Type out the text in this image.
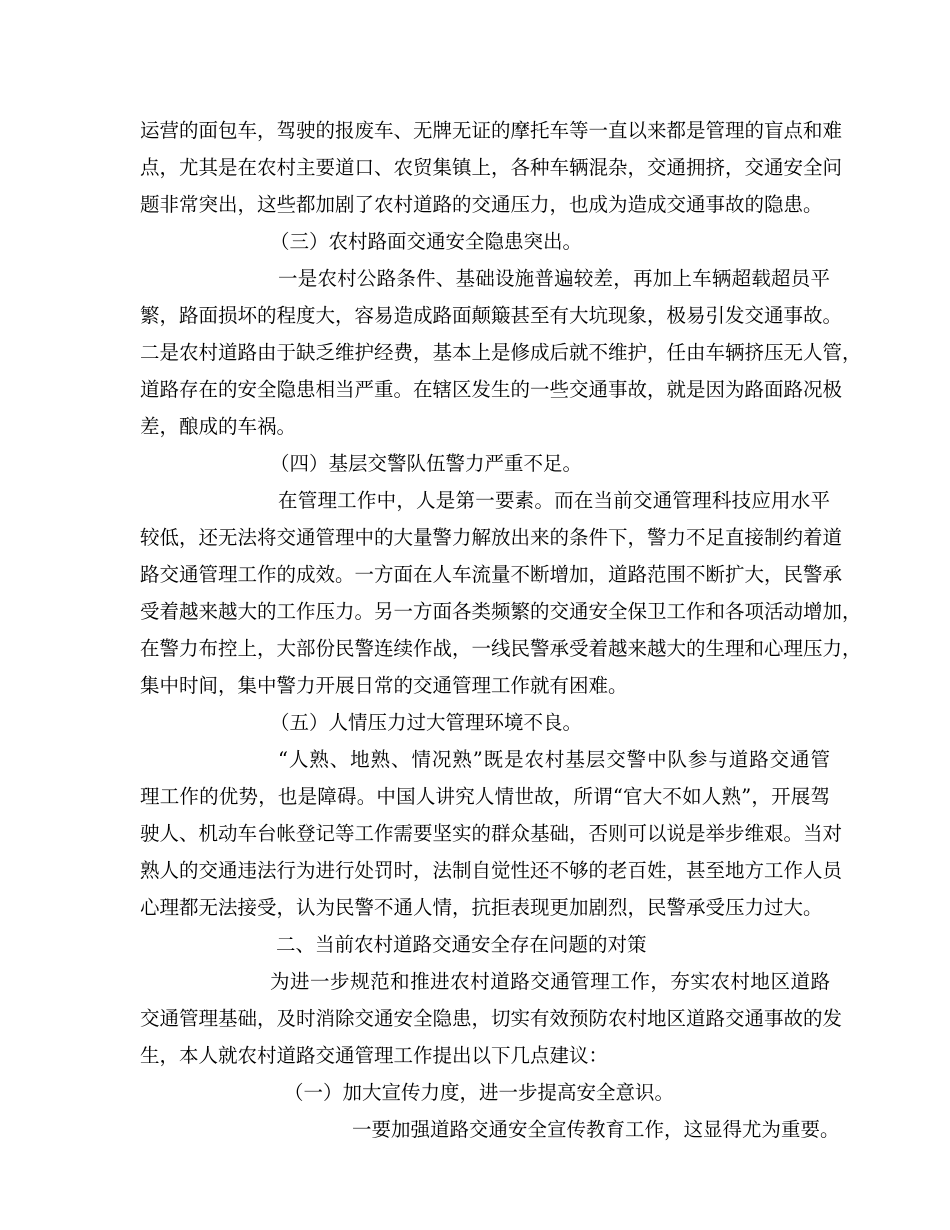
运营的面包车，驾驶的报废车、无牌无证的摩托车等一直以来都是管理的盲点和难
点，尤其是在农村主要道口、农贸集镇上，各种车辆混杂，交通拥挤，交通安全问
题非常突出，这些都加剧了农村道路的交通压力，也成为造成交通事故的隐患。
（三）农村路面交通安全隐患突出。
一是农村公路条件、基础设施普遍较差，再加上车辆超载超员平
繁，路面损坏的程度大，容易造成路面颠簸甚至有大坑现象，极易引发交通事故。
二是农村道路由于缺乏维护经费，基本上是修成后就不维护，任由车辆挤压无人管，
道路存在的安全隐患相当严重。在辖区发生的一些交通事故，就是因为路面路况极
差，酿成的车祸。
（四）基层交警队伍警力严重不足。
在管理工作中，人是第一要素。而在当前交通管理科技应用水平
较低，还无法将交通管理中的大量警力解放出来的条件下，警力不足直接制约着道
路交通管理工作的成效。一方面在人车流量不断增加，道路范围不断扩大，民警承
受着越来越大的工作压力。另一方面各类频繁的交通安全保卫工作和各项活动增加，
在警力布控上，大部份民警连续作战，一线民警承受着越来越大的生理和心理压力，
集中时间，集中警力开展日常的交通管理工作就有困难。
（五）人情压力过大管理环境不良。
“人熟、地熟、情况熟”既是农村基层交警中队参与道路交通管
理工作的优势，也是障碍。中国人讲究人情世故，所谓“官大不如人熟”，开展驾
驶人、机动车台帐登记等工作需要坚实的群众基础，否则可以说是举步维艰。当对
熟人的交通违法行为进行处罚时，法制自觉性还不够的老百姓，甚至地方工作人员
心理都无法接受，认为民警不通人情，抗拒表现更加剧烈，民警承受压力过大。
二、当前农村道路交通安全存在问题的对策
为进一步规范和推进农村道路交通管理工作，夯实农村地区道路
交通管理基础，及时消除交通安全隐患，切实有效预防农村地区道路交通事故的发
生，本人就农村道路交通管理工作提出以下几点建议：
（一）加大宣传力度，进一步提高安全意识。
一要加强道路交通安全宣传教育工作，这显得尤为重要。
